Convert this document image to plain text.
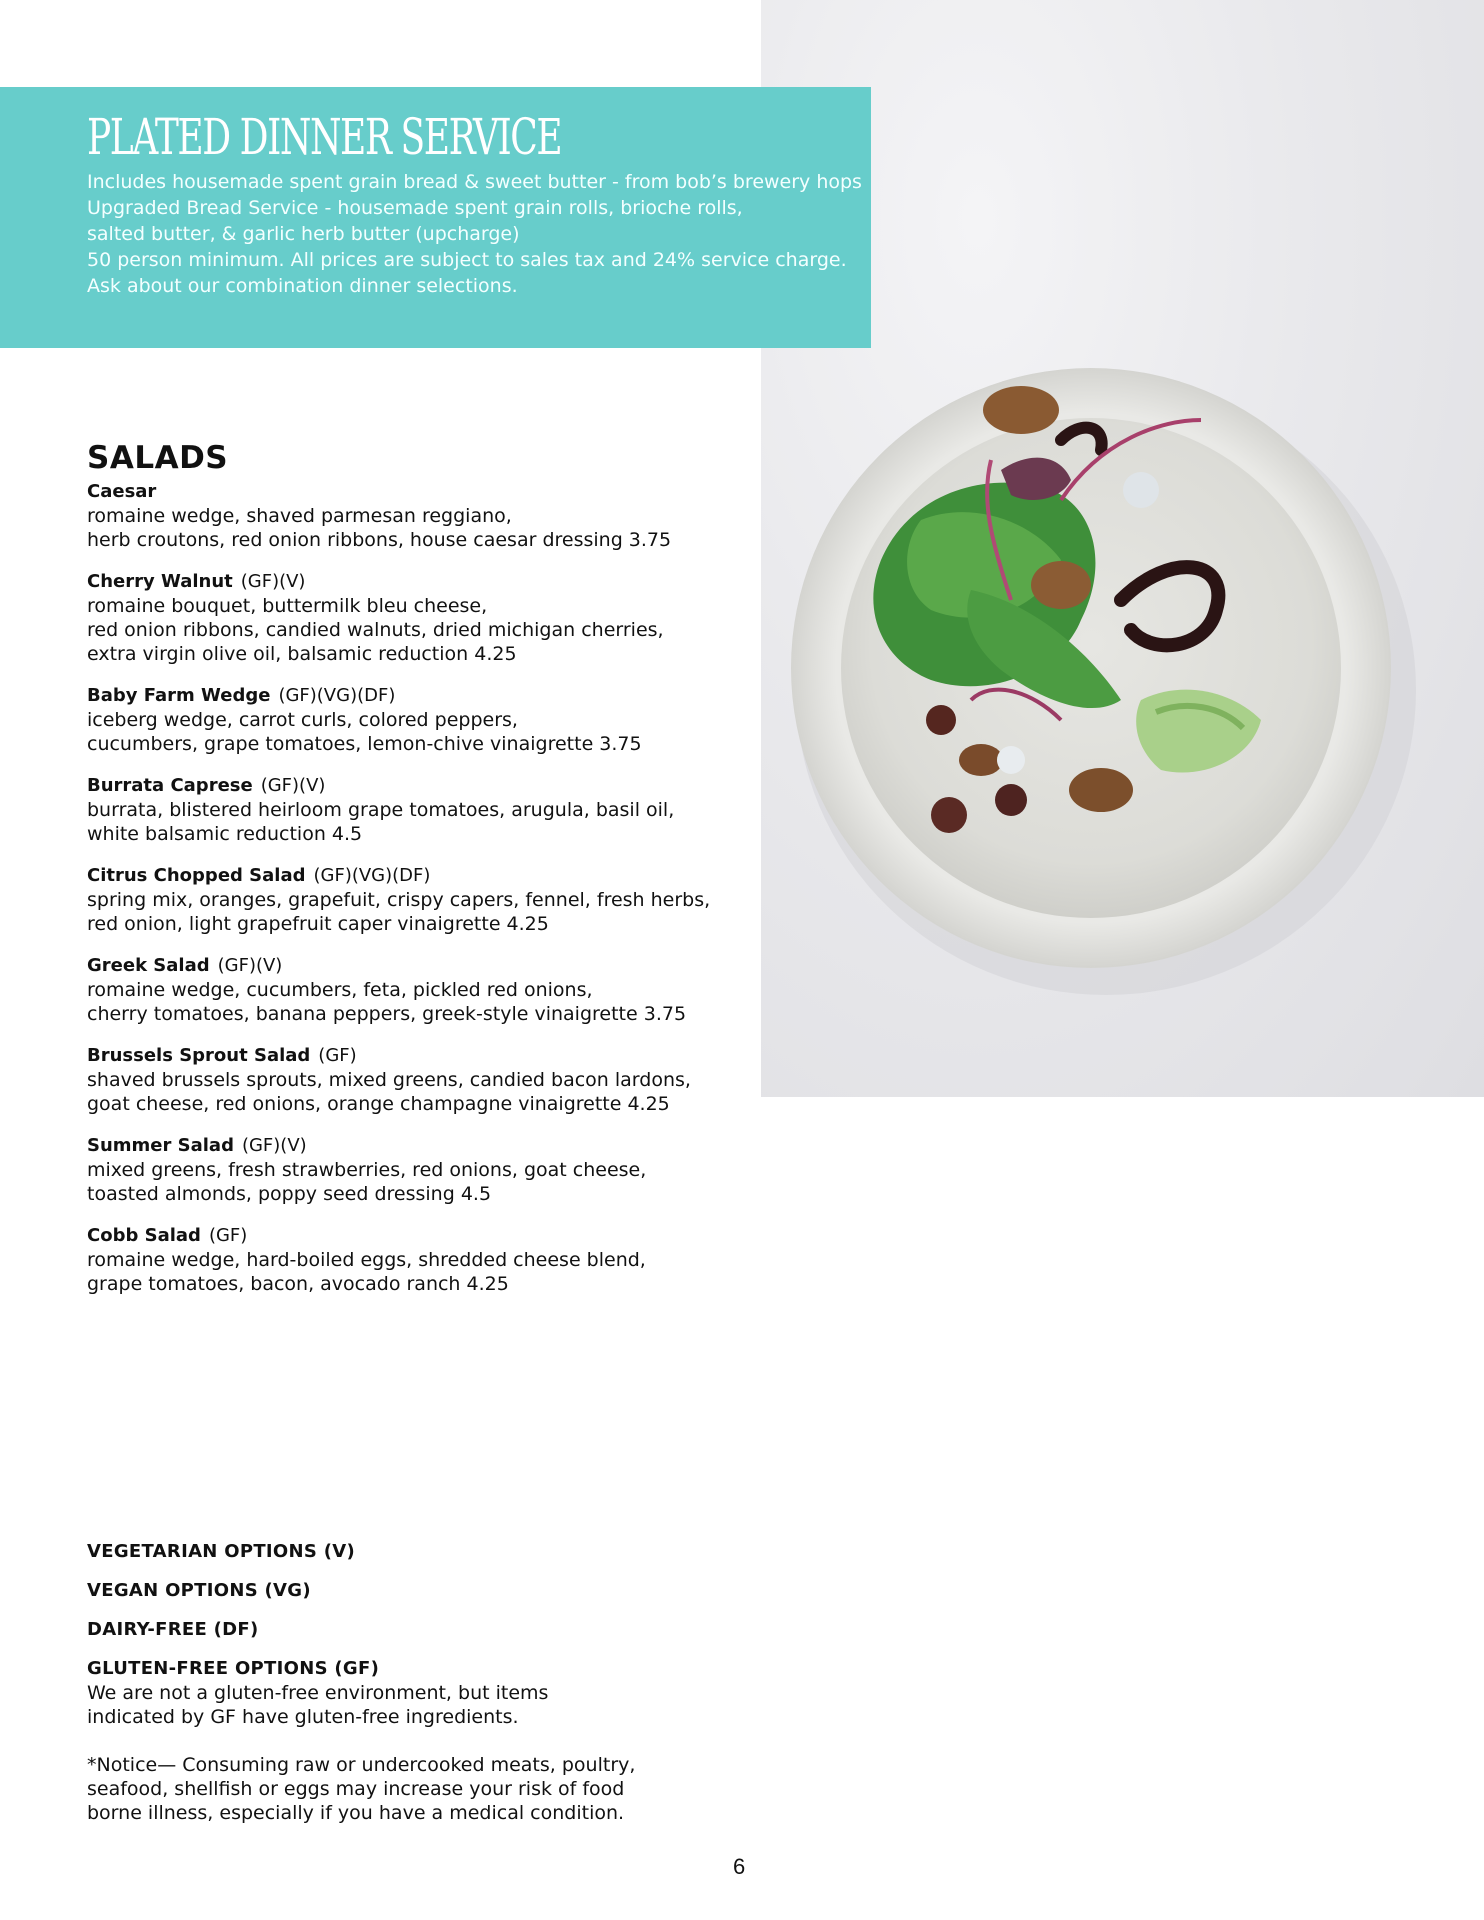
PLATED DINNER SERVICE
Includes housemade spent grain bread & sweet butter - from bob’s brewery hops
Upgraded Bread Service - housemade spent grain rolls, brioche rolls,
salted butter, & garlic herb butter (upcharge)
50 person minimum. All prices are subject to sales tax and 24% service charge.
Ask about our combination dinner selections.
SALADS
Caesar
romaine wedge, shaved parmesan reggiano,
herb croutons, red onion ribbons, house caesar dressing 3.75
Cherry Walnut (GF)(V)
romaine bouquet, buttermilk bleu cheese,
red onion ribbons, candied walnuts, dried michigan cherries,
extra virgin olive oil, balsamic reduction 4.25
Baby Farm Wedge (GF)(VG)(DF)
iceberg wedge, carrot curls, colored peppers,
cucumbers, grape tomatoes, lemon-chive vinaigrette 3.75
Burrata Caprese (GF)(V)
burrata, blistered heirloom grape tomatoes, arugula, basil oil,
white balsamic reduction 4.5
Citrus Chopped Salad (GF)(VG)(DF)
spring mix, oranges, grapefuit, crispy capers, fennel, fresh herbs,
red onion, light grapefruit caper vinaigrette 4.25
Greek Salad (GF)(V)
romaine wedge, cucumbers, feta, pickled red onions,
cherry tomatoes, banana peppers, greek-style vinaigrette 3.75
Brussels Sprout Salad (GF)
shaved brussels sprouts, mixed greens, candied bacon lardons,
goat cheese, red onions, orange champagne vinaigrette 4.25
Summer Salad (GF)(V)
mixed greens, fresh strawberries, red onions, goat cheese,
toasted almonds, poppy seed dressing 4.5
Cobb Salad (GF)
romaine wedge, hard-boiled eggs, shredded cheese blend,
grape tomatoes, bacon, avocado ranch 4.25
VEGETARIAN OPTIONS (V)
VEGAN OPTIONS (VG)
DAIRY-FREE (DF)
GLUTEN-FREE OPTIONS (GF)
We are not a gluten-free environment, but items
indicated by GF have gluten-free ingredients.
*Notice— Consuming raw or undercooked meats, poultry,
seafood, shellfish or eggs may increase your risk of food
borne illness, especially if you have a medical condition.
6
